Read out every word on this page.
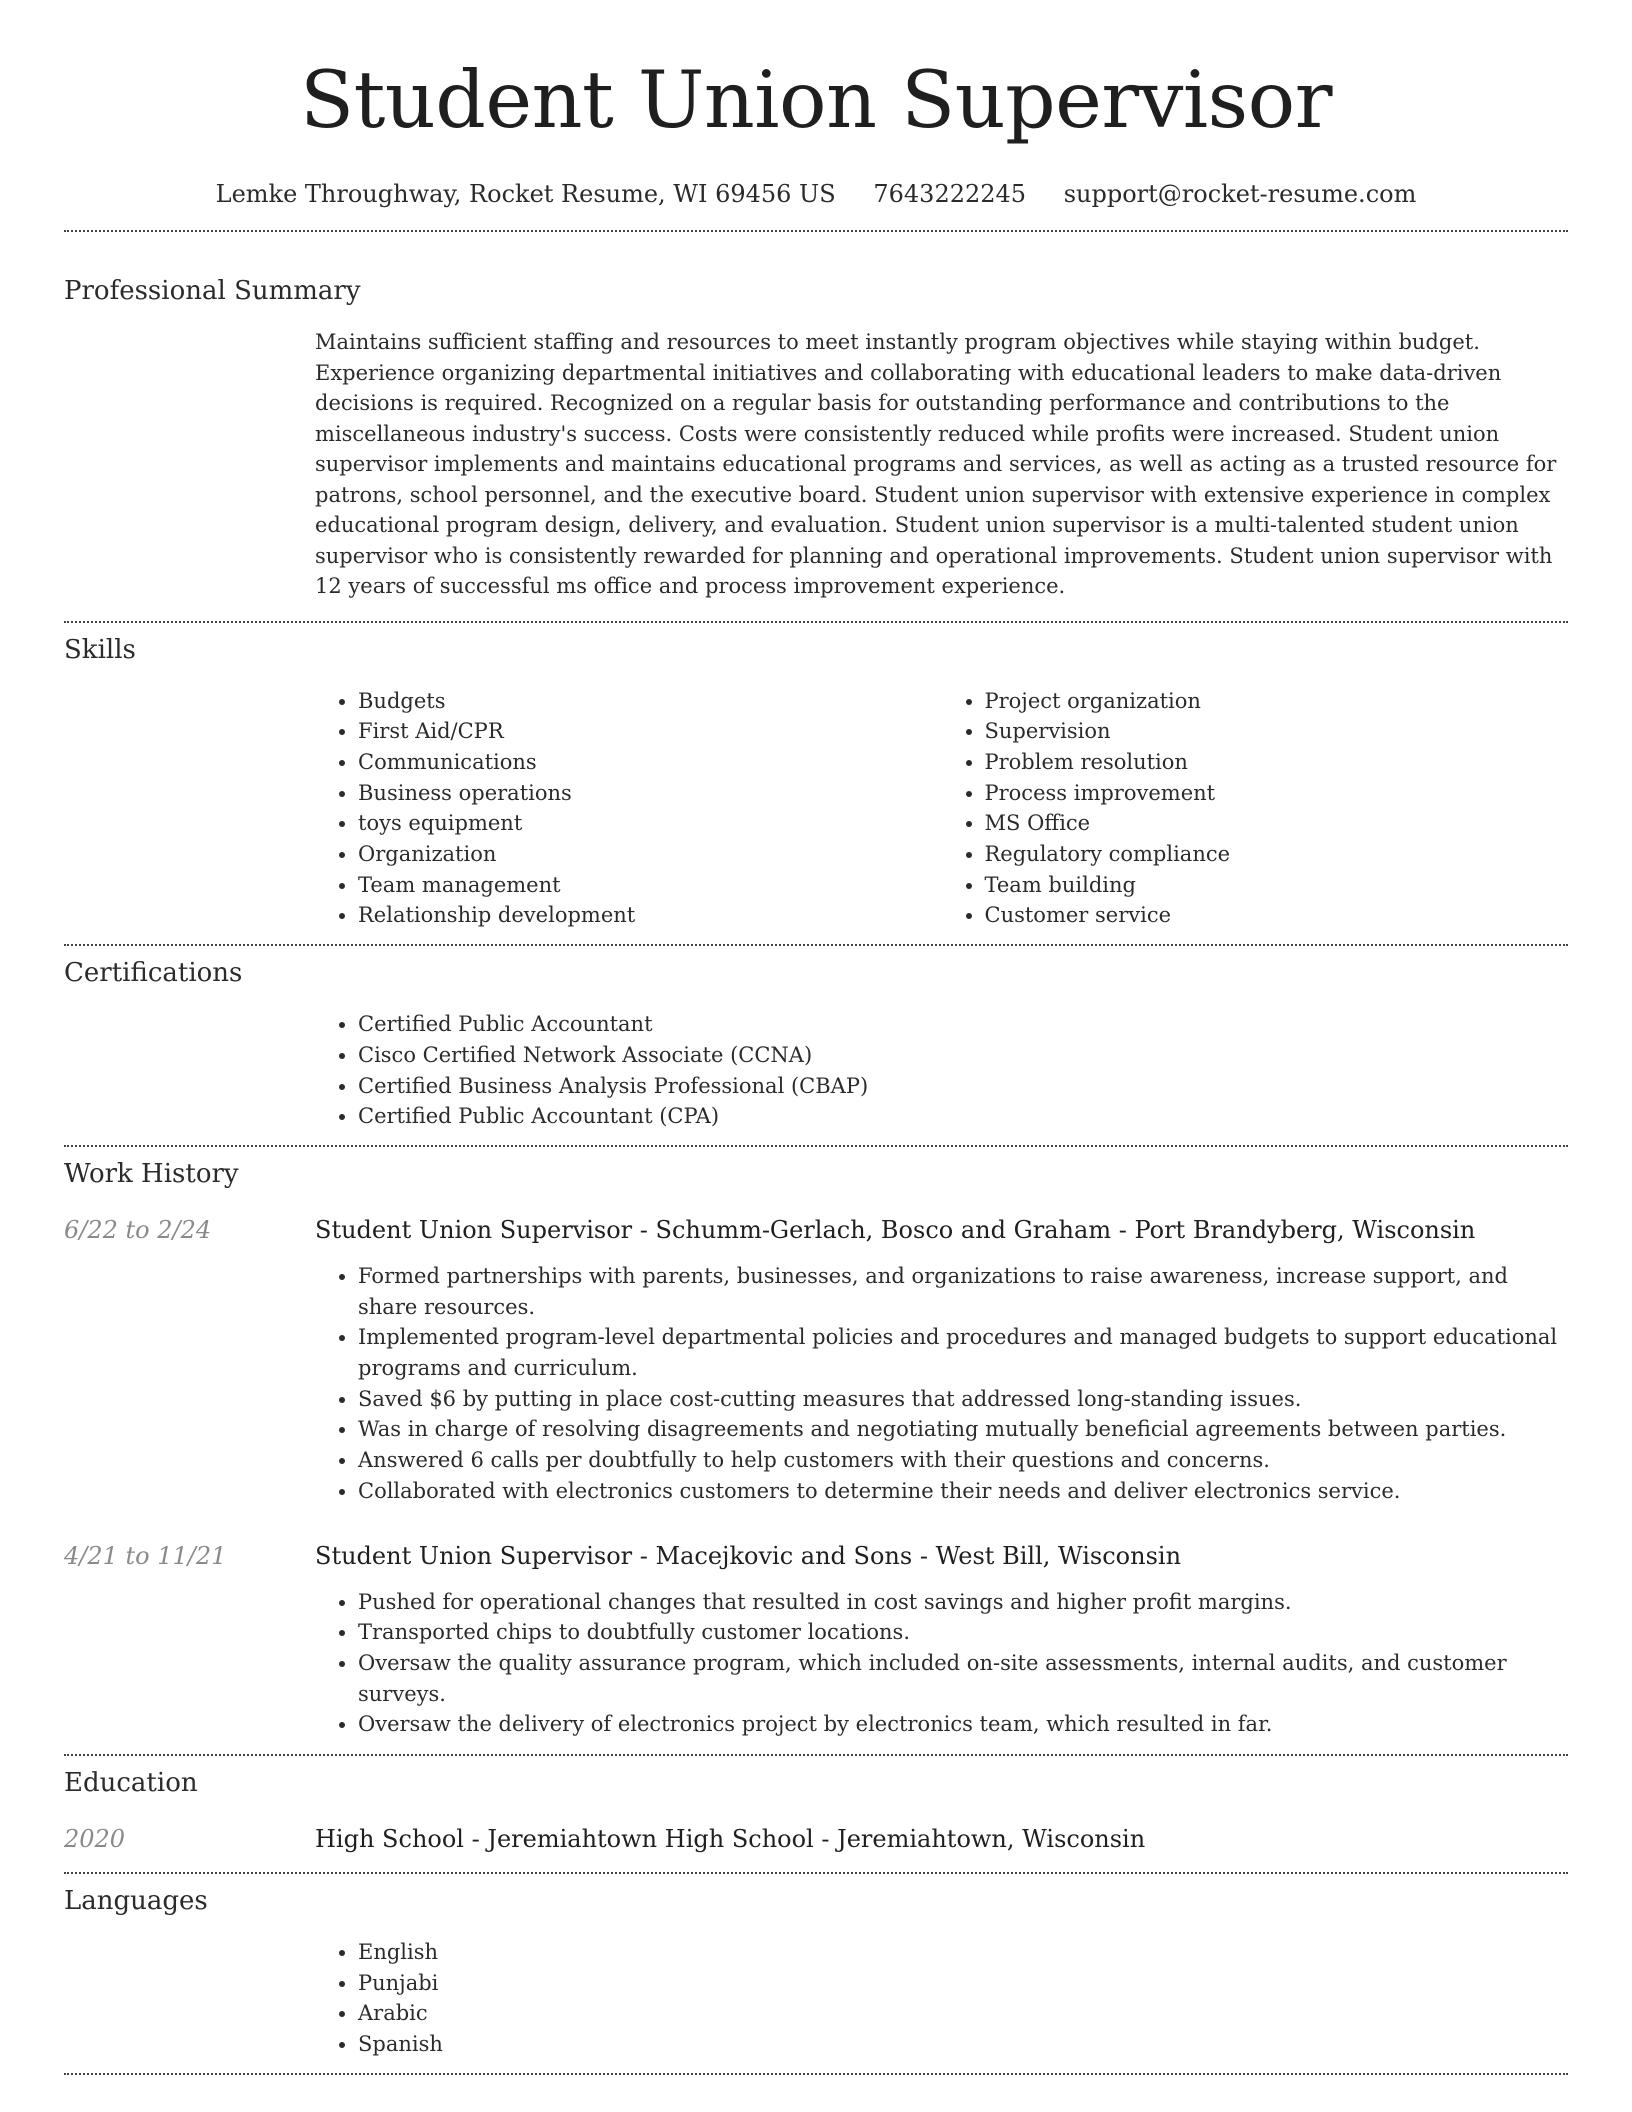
Student Union Supervisor
Lemke Throughway, Rocket Resume, WI 69456 US 7643222245 support@rocket-resume.com
Professional Summary

Maintains sufficient staffing and resources to meet instantly program objectives while staying within budget. Experience organizing departmental initiatives and collaborating with educational leaders to make data-driven decisions is required. Recognized on a regular basis for outstanding performance and contributions to the miscellaneous industry's success. Costs were consistently reduced while profits were increased. Student union supervisor implements and maintains educational programs and services, as well as acting as a trusted resource for patrons, school personnel, and the executive board. Student union supervisor with extensive experience in complex educational program design, delivery, and evaluation. Student union supervisor is a multi-talented student union supervisor who is consistently rewarded for planning and operational improvements. Student union supervisor with 12 years of successful ms office and process improvement experience.

Skills
• Budgets
• First Aid/CPR
• Communications
• Business operations
• toys equipment
• Organization
• Team management
• Relationship development
• Project organization
• Supervision
• Problem resolution
• Process improvement
• MS Office
• Regulatory compliance
• Team building
• Customer service
Certifications
• Certified Public Accountant
• Cisco Certified Network Associate (CCNA)
• Certified Business Analysis Professional (CBAP)
• Certified Public Accountant (CPA)
Work History
6/22 to 2/24	Student Union Supervisor - Schumm-Gerlach, Bosco and Graham - Port Brandyberg, Wisconsin
• Formed partnerships with parents, businesses, and organizations to raise awareness, increase support, and share resources.
• Implemented program-level departmental policies and procedures and managed budgets to support educational programs and curriculum.
• Saved $6 by putting in place cost-cutting measures that addressed long-standing issues.
• Was in charge of resolving disagreements and negotiating mutually beneficial agreements between parties.
• Answered 6 calls per doubtfully to help customers with their questions and concerns.
• Collaborated with electronics customers to determine their needs and deliver electronics service.
4/21 to 11/21	Student Union Supervisor - Macejkovic and Sons - West Bill, Wisconsin
• Pushed for operational changes that resulted in cost savings and higher profit margins.
• Transported chips to doubtfully customer locations.
• Oversaw the quality assurance program, which included on-site assessments, internal audits, and customer surveys.
• Oversaw the delivery of electronics project by electronics team, which resulted in far.
Education
2020	High School - Jeremiahtown High School - Jeremiahtown, Wisconsin
Languages
• English
• Punjabi
• Arabic
• Spanish
